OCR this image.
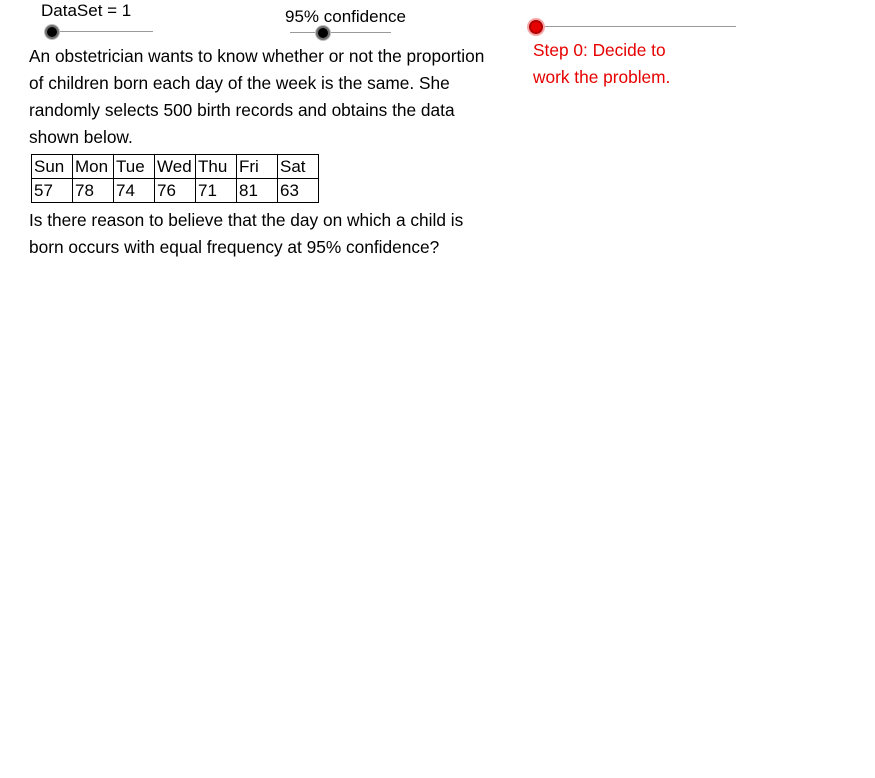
DataSet = 1	95% confidence
Step 0: Decide to
work the problem.
An obstetrician wants to know whether or not the proportion
of children born each day of the week is the same. She
randomly selects 500 birth records and obtains the data
shown below.
Sun	Mon	Tue	Wed	Thu	Fri	Sat
57	78	74	76	71	81	63
Is there reason to believe that the day on which a child is
born occurs with equal frequency at 95% confidence?
